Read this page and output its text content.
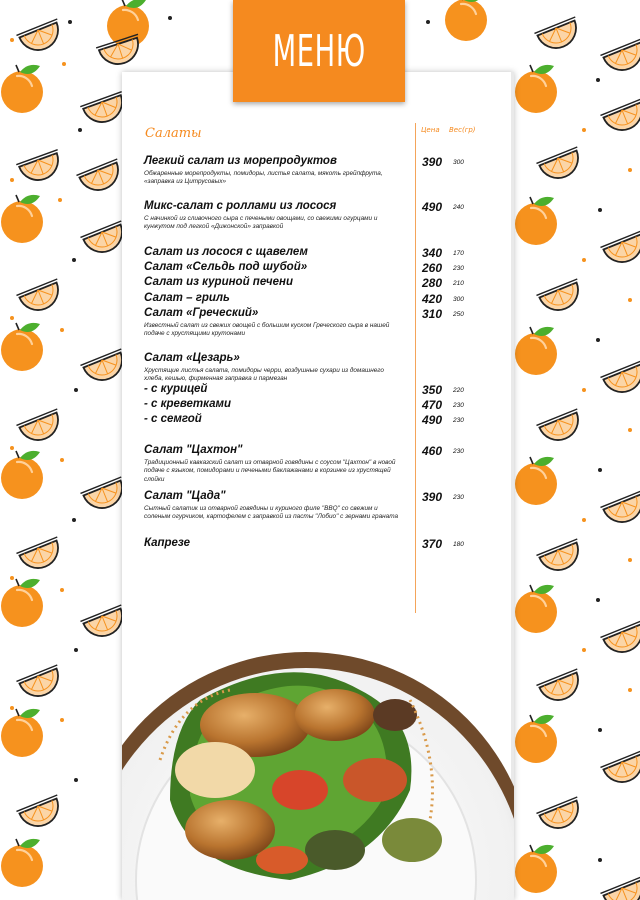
МЕНЮ
Салаты	Цена Вес(гр)
Легкий салат из морепродуктов
Обжаренные морепродукты, помидоры, листья салата, мякоть грейпфрута, «заправка из Цитрусовых»
390 300
Микс-салат с роллами из лосося
С начинкой из сливочного сыра с печеными овощами, со свежими огурцами и кунжутом под легкой «Дижонской» заправкой
490 240
Салат из лосося с щавелем	340 170
Салат «Сельдь под шубой»	260 230
Салат из куриной печени	280 210
Салат – гриль	420 300
Салат «Греческий»
Известный салат из свежих овощей с большим куском Греческого сыра в нашей подаче с хрустящими крутонами
310 250
Салат «Цезарь»
Хрустящие листья салата, помидоры черри, воздушные сухари из домашнего хлеба, кешью, фирменная заправка и пармезан
- с курицей	350 220
- с креветками	470 230
- с семгой	490 230
Салат "Цахтон"
Традиционный кавказский салат из отварной говядины с соусом "Цахтон" в новой подаче с языком, помидорами и печеными баклажанами в корзинке из хрустящей слойки
460 230
Салат "Цада"
Сытный салатик из отварной говядины и куриного филе "BBQ" со свежим и соленым огурчиком, картофелем с заправкой из пасты "Лобио" с зернами граната
390 230
Капрезе	370 180
